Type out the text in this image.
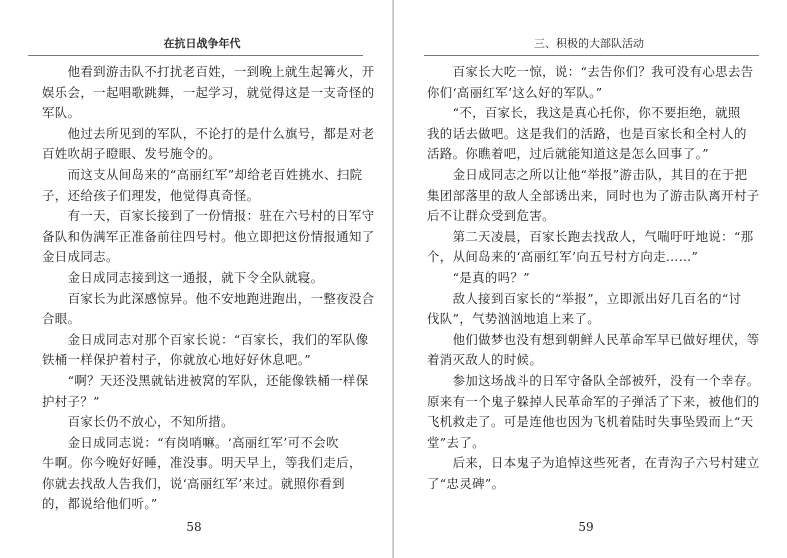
在抗日战争年代
　　他看到游击队不打扰老百姓，一到晚上就生起篝火，开
娱乐会，一起唱歌跳舞，一起学习，就觉得这是一支奇怪的
军队。
　　他过去所见到的军队，不论打的是什么旗号，都是对老
百姓吹胡子瞪眼、发号施令的。
　　而这支从间岛来的“高丽红军”却给老百姓挑水、扫院
子，还给孩子们理发，他觉得真奇怪。
　　有一天，百家长接到了一份情报：驻在六号村的日军守
备队和伪满军正准备前往四号村。他立即把这份情报通知了
金日成同志。
　　金日成同志接到这一通报，就下令全队就寝。
　　百家长为此深感惊异。他不安地跑进跑出，一整夜没合
合眼。
　　金日成同志对那个百家长说：“百家长，我们的军队像
铁桶一样保护着村子，你就放心地好好休息吧。”
　　“啊？天还没黑就钻进被窝的军队，还能像铁桶一样保
护村子？”
　　百家长仍不放心，不知所措。
　　金日成同志说：“有岗哨嘛。‘高丽红军’可不会吹
牛啊。你今晚好好睡，准没事。明天早上，等我们走后，
你就去找敌人告我们，说‘高丽红军’来过。就照你看到
的，都说给他们听。”
58
三、积极的大部队活动
　　百家长大吃一惊，说：“去告你们？我可没有心思去告
你们‘高丽红军’这么好的军队。”
　　“不，百家长，我这是真心托你，你不要拒绝，就照
我的话去做吧。这是我们的活路，也是百家长和全村人的
活路。你瞧着吧，过后就能知道这是怎么回事了。”
　　金日成同志之所以让他“举报”游击队，其目的在于把
集团部落里的敌人全部诱出来，同时也为了游击队离开村子
后不让群众受到危害。
　　第二天凌晨，百家长跑去找敌人，气喘吁吁地说：“那
个，从间岛来的‘高丽红军’向五号村方向走……”
　　“是真的吗？”
　　敌人接到百家长的“举报”，立即派出好几百名的“讨
伐队”，气势汹汹地追上来了。
　　他们做梦也没有想到朝鲜人民革命军早已做好埋伏，等
着消灭敌人的时候。
　　参加这场战斗的日军守备队全部被歼，没有一个幸存。
原来有一个鬼子躲掉人民革命军的子弹活了下来，被他们的
飞机救走了。可是连他也因为飞机着陆时失事坠毁而上“天
堂”去了。
　　后来，日本鬼子为追悼这些死者，在青沟子六号村建立
了“忠灵碑”。
59
